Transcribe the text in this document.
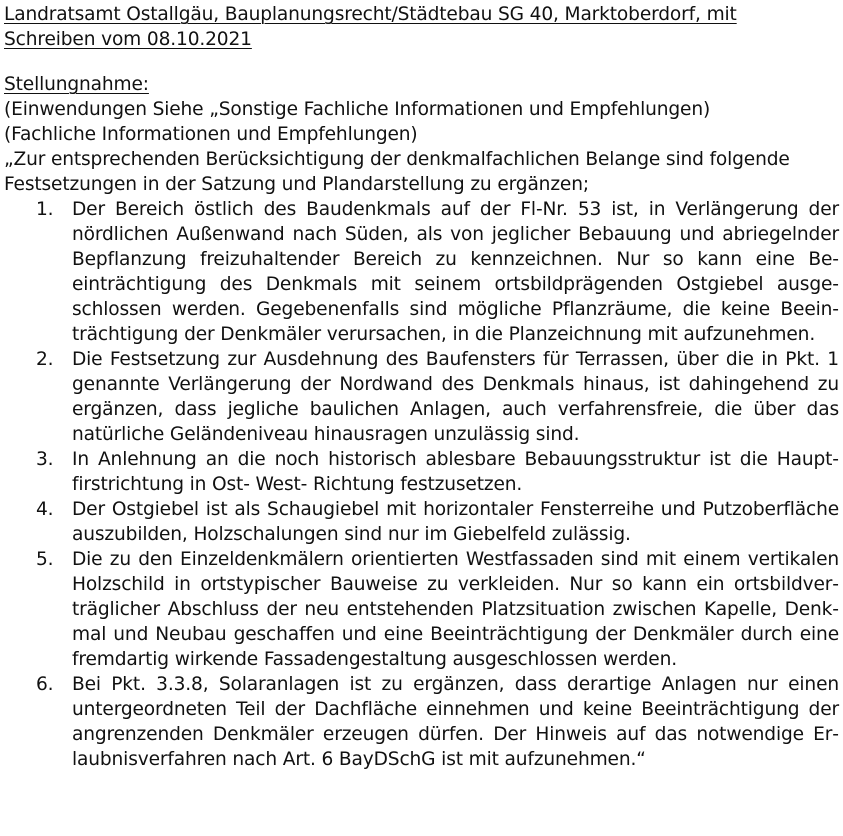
Landratsamt Ostallgäu, Bauplanungsrecht/Städtebau SG 40, Marktoberdorf, mit Schreiben vom 08.10.2021

Stellungnahme:

(Einwendungen Siehe „Sonstige Fachliche Informationen und Empfehlungen)

(Fachliche Informationen und Empfehlungen)

„Zur entsprechenden Berücksichtigung der denkmalfachlichen Belange sind folgende Festsetzungen in der Satzung und Plandarstellung zu ergänzen;

1. Der Bereich östlich des Baudenkmals auf der Fl-Nr. 53 ist, in Verlängerung der nördlichen Außenwand nach Süden, als von jeglicher Bebauung und abriegelnder Bepflanzung freizuhaltender Bereich zu kennzeichnen. Nur so kann eine Beeinträchtigung des Denkmals mit seinem ortsbildprägenden Ostgiebel ausgeschlossen werden. Gegebenenfalls sind mögliche Pflanzräume, die keine Beeinträchtigung der Denkmäler verursachen, in die Planzeichnung mit aufzunehmen.
2. Die Festsetzung zur Ausdehnung des Baufensters für Terrassen, über die in Pkt. 1 genannte Verlängerung der Nordwand des Denkmals hinaus, ist dahingehend zu ergänzen, dass jegliche baulichen Anlagen, auch verfahrensfreie, die über das natürliche Geländeniveau hinausragen unzulässig sind.
3. In Anlehnung an die noch historisch ablesbare Bebauungsstruktur ist die Hauptfirstrichtung in Ost- West- Richtung festzusetzen.
4. Der Ostgiebel ist als Schaugiebel mit horizontaler Fensterreihe und Putzoberfläche auszubilden, Holzschalungen sind nur im Giebelfeld zulässig.
5. Die zu den Einzeldenkmälern orientierten Westfassaden sind mit einem vertikalen Holzschild in ortstypischer Bauweise zu verkleiden. Nur so kann ein ortsbildverträglicher Abschluss der neu entstehenden Platzsituation zwischen Kapelle, Denkmal und Neubau geschaffen und eine Beeinträchtigung der Denkmäler durch eine fremdartig wirkende Fassadengestaltung ausgeschlossen werden.
6. Bei Pkt. 3.3.8, Solaranlagen ist zu ergänzen, dass derartige Anlagen nur einen untergeordneten Teil der Dachfläche einnehmen und keine Beeinträchtigung der angrenzenden Denkmäler erzeugen dürfen. Der Hinweis auf das notwendige Erlaubnisverfahren nach Art. 6 BayDSchG ist mit aufzunehmen.“
